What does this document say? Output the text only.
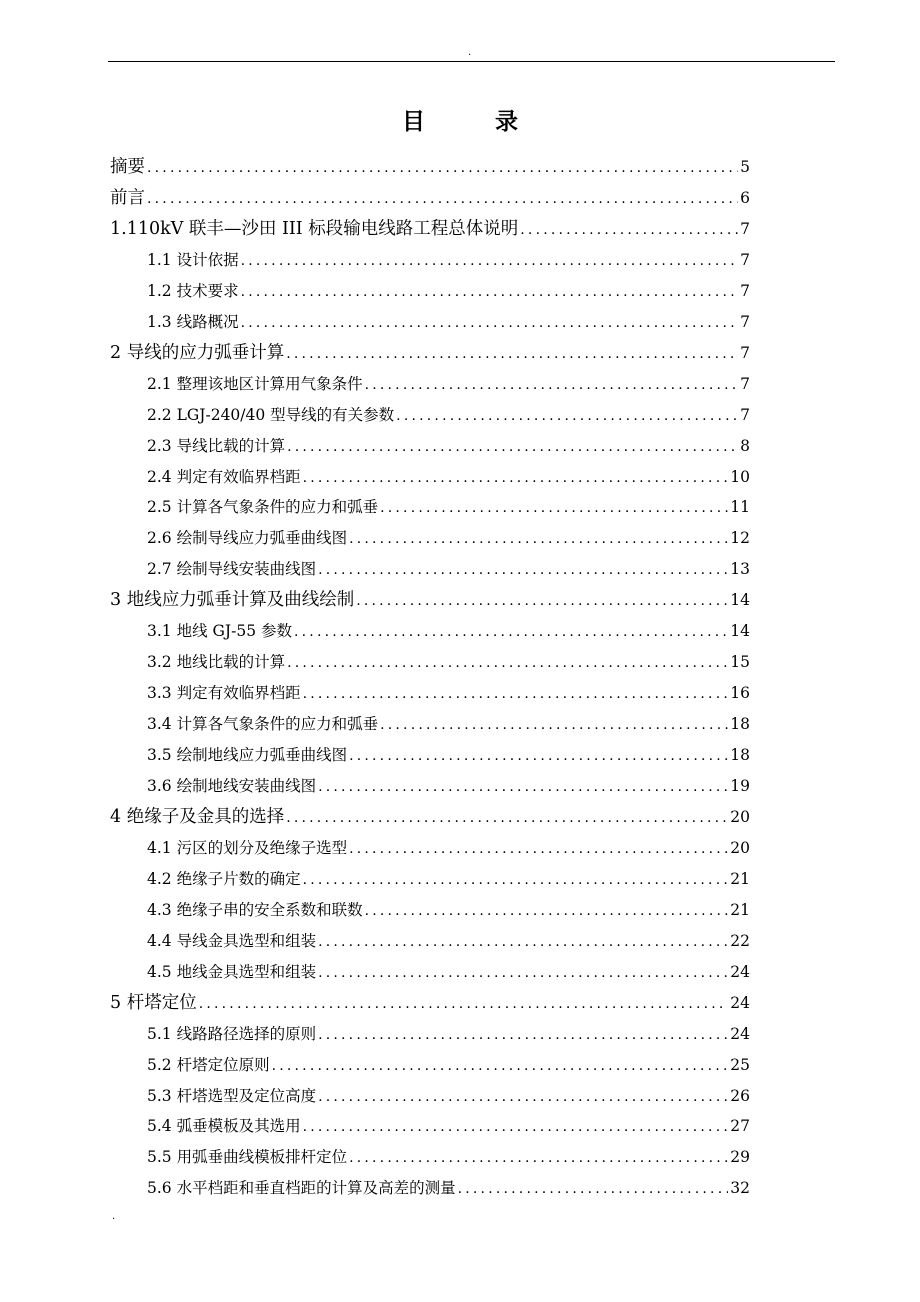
.
目录
摘要 .....	5
前言 .....	6
1.110kV 联丰—沙田 III 标段输电线路工程总体说明 .....	7
1.1 设计依据 .....	7
1.2 技术要求 .....	7
1.3 线路概况 .....	7
2 导线的应力弧垂计算 .....	7
2.1 整理该地区计算用气象条件 .....	7
2.2 LGJ-240/40 型导线的有关参数 .....	7
2.3 导线比载的计算 .....	8
2.4 判定有效临界档距 .....	10
2.5 计算各气象条件的应力和弧垂 .....	11
2.6 绘制导线应力弧垂曲线图 .....	12
2.7 绘制导线安装曲线图 .....	13
3 地线应力弧垂计算及曲线绘制 .....	14
3.1 地线 GJ-55 参数 .....	14
3.2 地线比载的计算 .....	15
3.3 判定有效临界档距 .....	16
3.4 计算各气象条件的应力和弧垂 .....	18
3.5 绘制地线应力弧垂曲线图 .....	18
3.6 绘制地线安装曲线图 .....	19
4 绝缘子及金具的选择 .....	20
4.1 污区的划分及绝缘子选型 .....	20
4.2 绝缘子片数的确定 .....	21
4.3 绝缘子串的安全系数和联数 .....	21
4.4 导线金具选型和组装 .....	22
4.5 地线金具选型和组装 .....	24
5 杆塔定位 .....	24
5.1 线路路径选择的原则 .....	24
5.2 杆塔定位原则 .....	25
5.3 杆塔选型及定位高度 .....	26
5.4 弧垂模板及其选用 .....	27
5.5 用弧垂曲线模板排杆定位 .....	29
5.6 水平档距和垂直档距的计算及高差的测量 .....	32
.
